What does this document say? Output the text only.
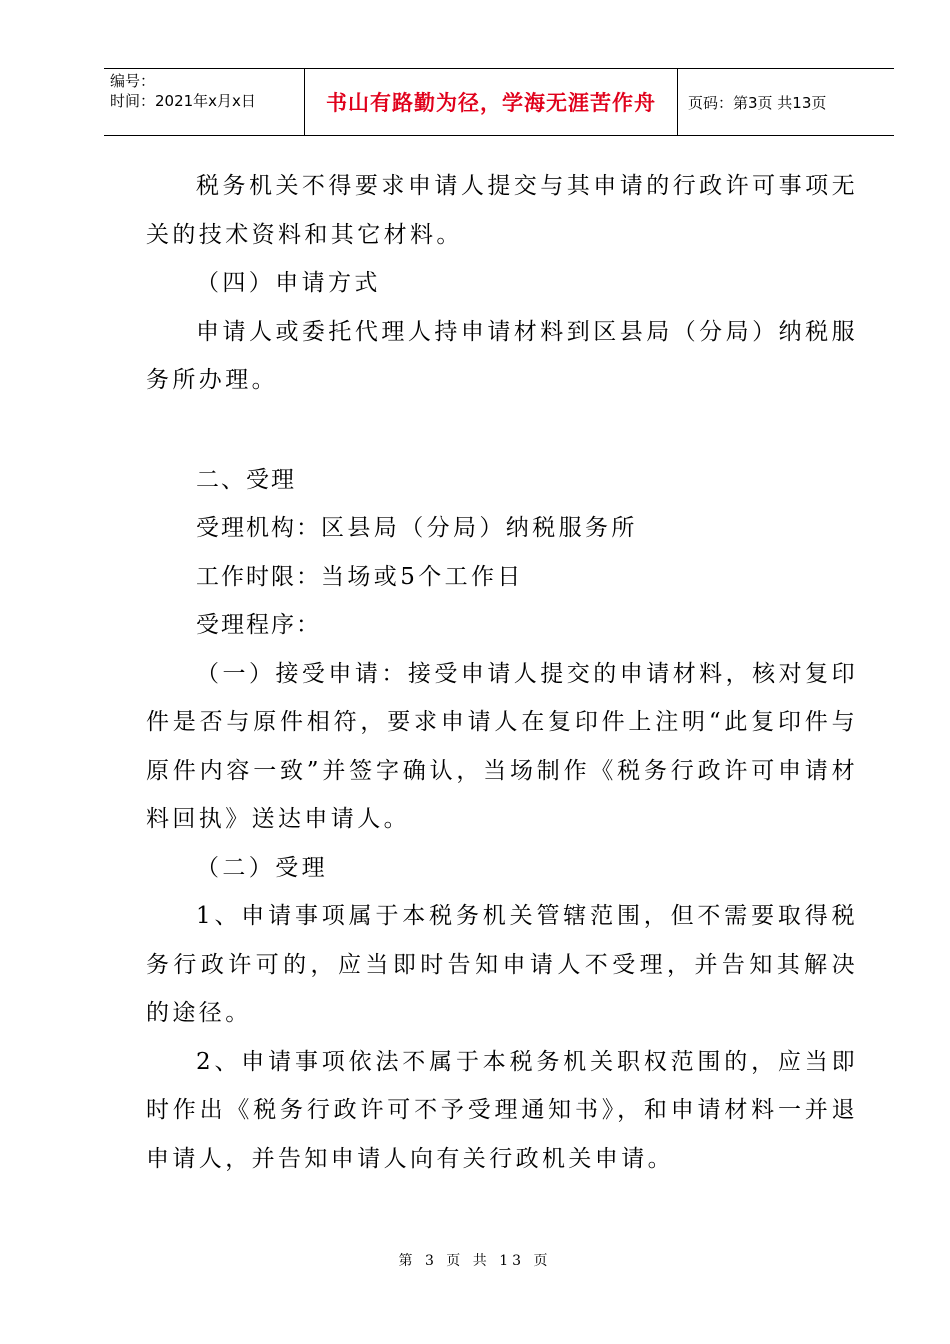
编号：
时间：2021年x月x日	书山有路勤为径，学海无涯苦作舟	页码：第3页 共13页

税务机关不得要求申请人提交与其申请的行政许可事项无关的技术资料和其它材料。

（四）申请方式

申请人或委托代理人持申请材料到区县局（分局）纳税服务所办理。

二、受理

受理机构：区县局（分局）纳税服务所

工作时限：当场或5个工作日

受理程序：

（一）接受申请：接受申请人提交的申请材料，核对复印件是否与原件相符，要求申请人在复印件上注明“此复印件与原件内容一致”并签字确认，当场制作《税务行政许可申请材料回执》送达申请人。

（二）受理

1、申请事项属于本税务机关管辖范围，但不需要取得税务行政许可的，应当即时告知申请人不受理，并告知其解决的途径。

2、申请事项依法不属于本税务机关职权范围的，应当即时作出《税务行政许可不予受理通知书》，和申请材料一并退申请人，并告知申请人向有关行政机关申请。

第 3 页 共 13 页
